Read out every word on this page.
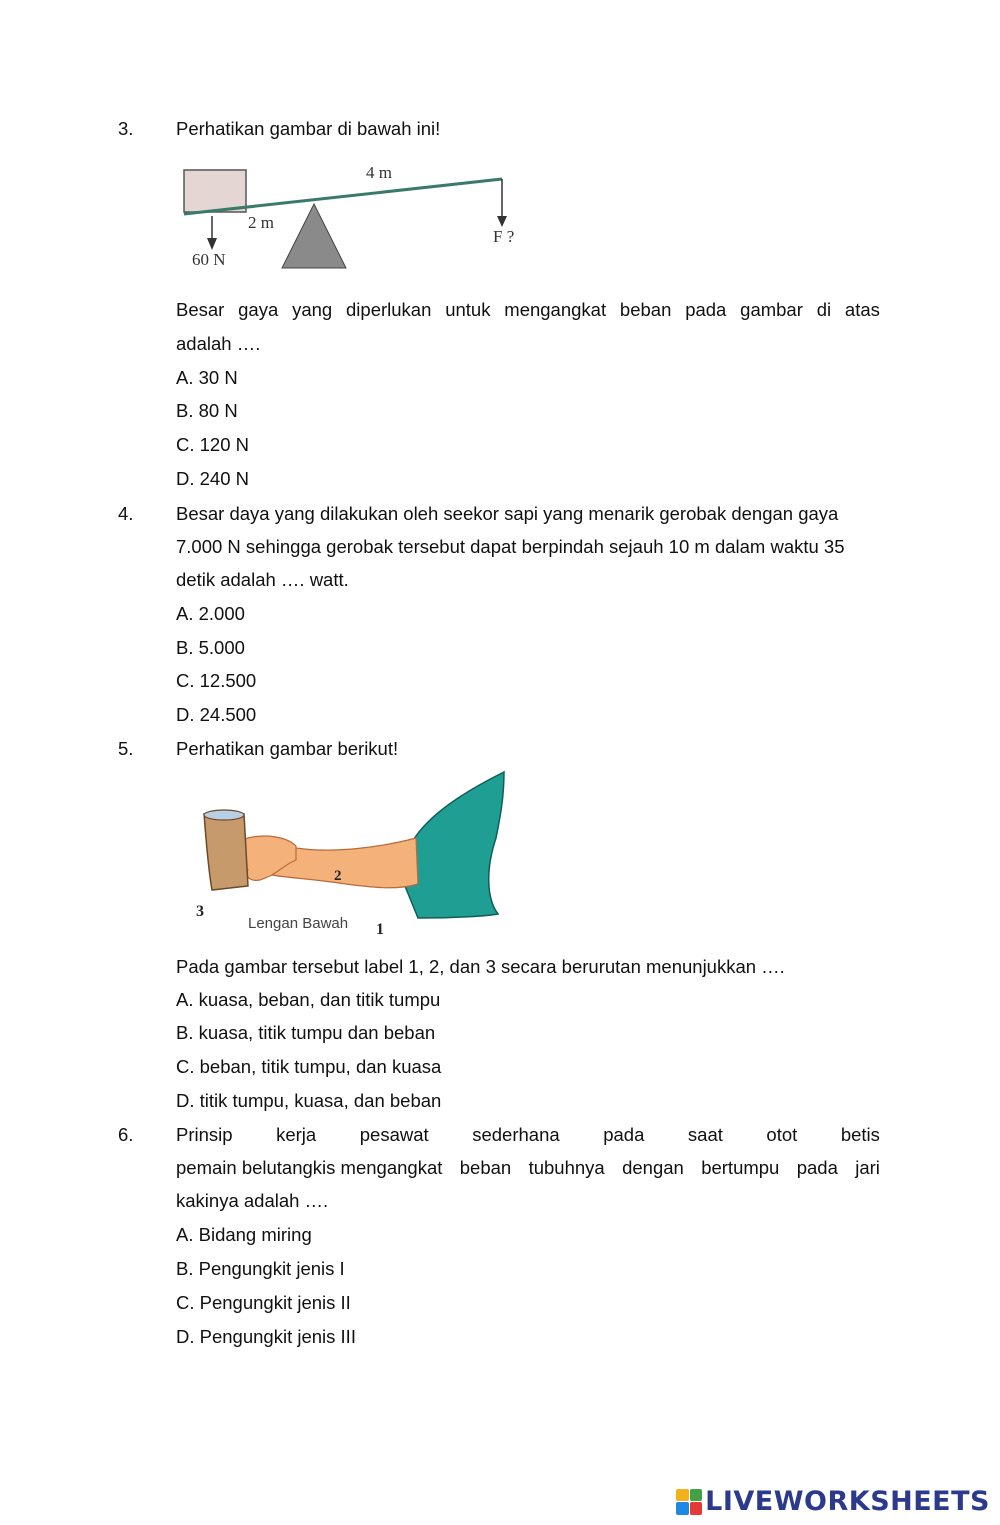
3. Perhatikan gambar di bawah ini!
4 m
2 m
60 N
F ?
Besar gaya yang diperlukan untuk mengangkat beban pada gambar di atas
adalah ….
A. 30 N
B. 80 N
C. 120 N
D. 240 N
4. Besar daya yang dilakukan oleh seekor sapi yang menarik gerobak dengan gaya
7.000 N sehingga gerobak tersebut dapat berpindah sejauh 10 m dalam waktu 35
detik adalah …. watt.
A. 2.000
B. 5.000
C. 12.500
D. 24.500
5. Perhatikan gambar berikut!
2
3
Lengan Bawah 1
Pada gambar tersebut label 1, 2, dan 3 secara berurutan menunjukkan ….
A. kuasa, beban, dan titik tumpu
B. kuasa, titik tumpu dan beban
C. beban, titik tumpu, dan kuasa
D. titik tumpu, kuasa, dan beban
6. Prinsip kerja pesawat sederhana pada saat otot betis
pemain belutangkis mengangkat beban tubuhnya dengan bertumpu pada jari
kakinya adalah ….
A. Bidang miring
B. Pengungkit jenis I
C. Pengungkit jenis II
D. Pengungkit jenis III
LIVEWORKSHEETS
